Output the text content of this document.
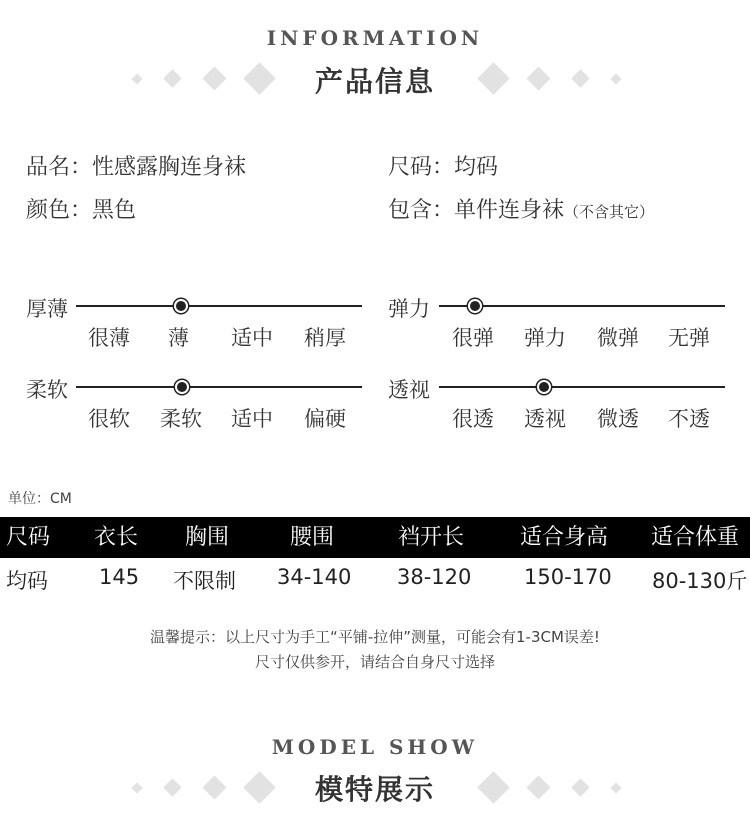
INFORMATION
产品信息
品名：性感露胸连身袜
颜色：黑色
尺码：均码
包含：单件连身袜（不含其它）
厚薄
很薄 薄 适中 稍厚
弹力
很弹 弹力 微弹 无弹
柔软
很软 柔软 适中 偏硬
透视
很透 透视 微透 不透
单位：CM
尺码 衣长 胸围	腰围	裆开长	适合身高 适合体重
均码 145 不限制 34-140 38-120	150-170 80-130斤
温馨提示：以上尺寸为手工“平铺-拉伸”测量，可能会有1-3CM误差!
尺寸仅供参开，请结合自身尺寸选择
MODEL SHOW
模特展示
